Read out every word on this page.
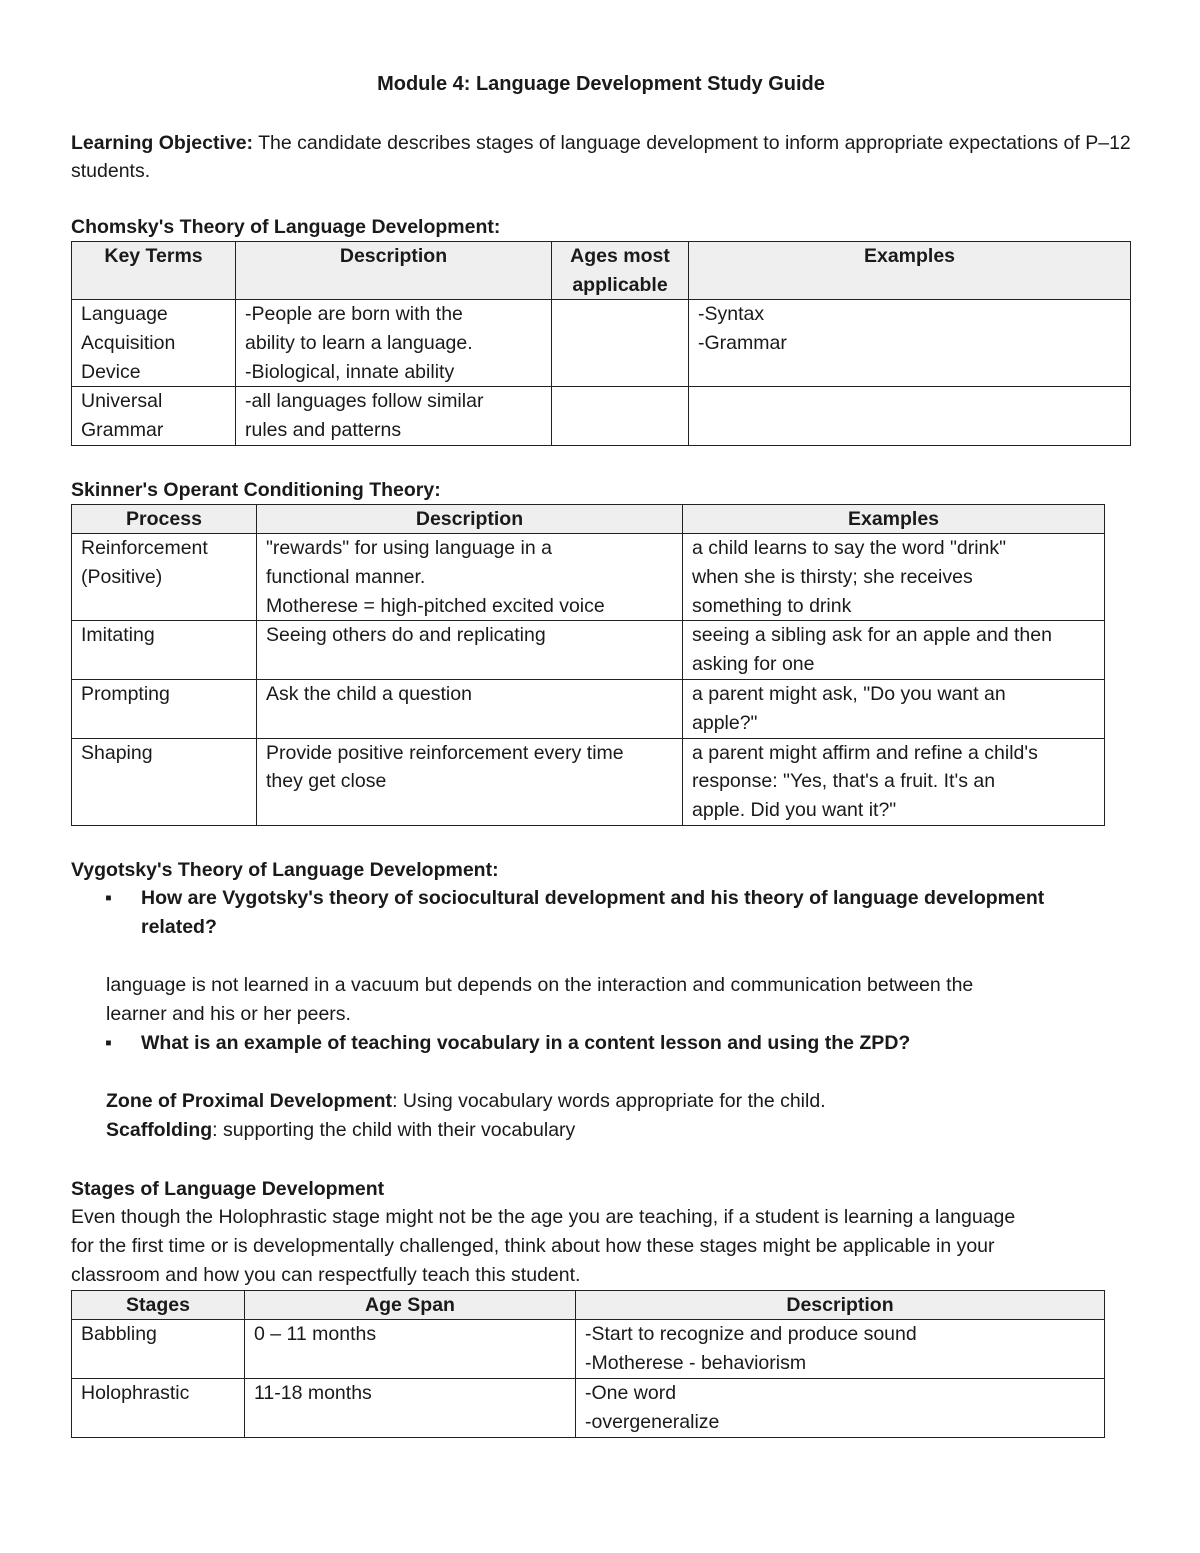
Module 4: Language Development Study Guide
Learning Objective: The candidate describes stages of language development to inform appropriate expectations of P–12 students.
Chomsky's Theory of Language Development:
Key Terms	Description	Ages most applicable	Examples

Language
Acquisition
Device	-People are born with the
ability to learn a language.
-Biological, innate ability		-Syntax
-Grammar

Universal
Grammar	-all languages follow similar
rules and patterns		

Skinner's Operant Conditioning Theory:
Process	Description	Examples

Reinforcement
(Positive)	"rewards" for using language in a
functional manner.
Motherese = high-pitched excited voice	a child learns to say the word "drink"
when she is thirsty; she receives
something to drink

Imitating	Seeing others do and replicating	seeing a sibling ask for an apple and then
asking for one

Prompting	Ask the child a question	a parent might ask, "Do you want an
apple?"

Shaping	Provide positive reinforcement every time
they get close	a parent might affirm and refine a child's
response: "Yes, that's a fruit. It's an
apple. Did you want it?"
Vygotsky's Theory of Language Development:
▪ How are Vygotsky's theory of sociocultural development and his theory of language development
related?
language is not learned in a vacuum but depends on the interaction and communication between the
learner and his or her peers.
▪ What is an example of teaching vocabulary in a content lesson and using the ZPD?
Zone of Proximal Development: Using vocabulary words appropriate for the child.
Scaffolding: supporting the child with their vocabulary
Stages of Language Development
Even though the Holophrastic stage might not be the age you are teaching, if a student is learning a language
for the first time or is developmentally challenged, think about how these stages might be applicable in your
classroom and how you can respectfully teach this student.
Stages	Age Span	Description
Babbling	0 – 11 months	-Start to recognize and produce sound
-Motherese - behaviorism

Holophrastic	11-18 months	-One word
-overgeneralize
